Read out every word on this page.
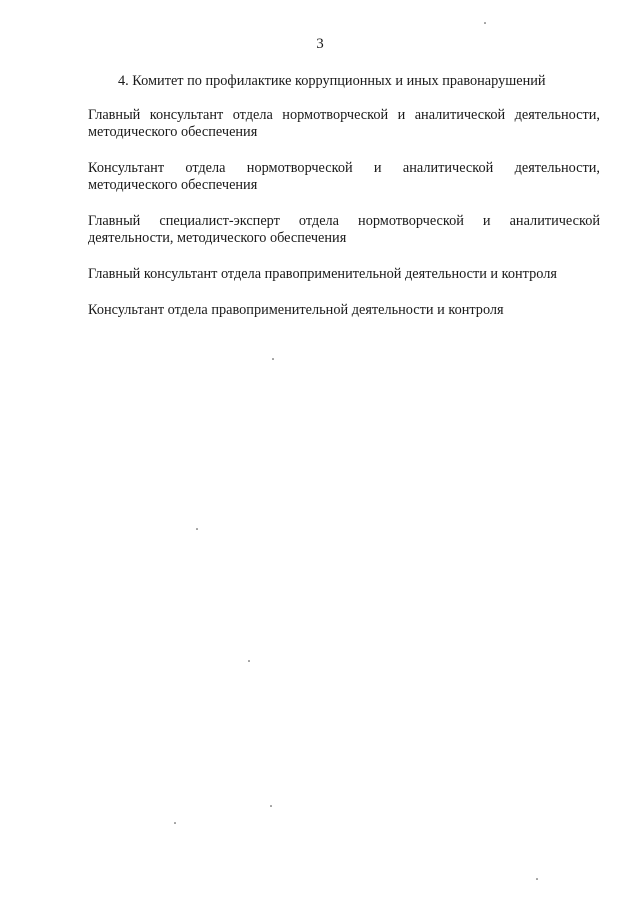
3
4. Комитет по профилактике коррупционных и иных правонарушений
Главный консультант отдела нормотворческой и аналитической деятельности, методического обеспечения
Консультант отдела нормотворческой и аналитической деятельности, методического обеспечения
Главный специалист-эксперт отдела нормотворческой и аналитической деятельности, методического обеспечения
Главный консультант отдела правоприменительной деятельности и контроля
Консультант отдела правоприменительной деятельности и контроля
